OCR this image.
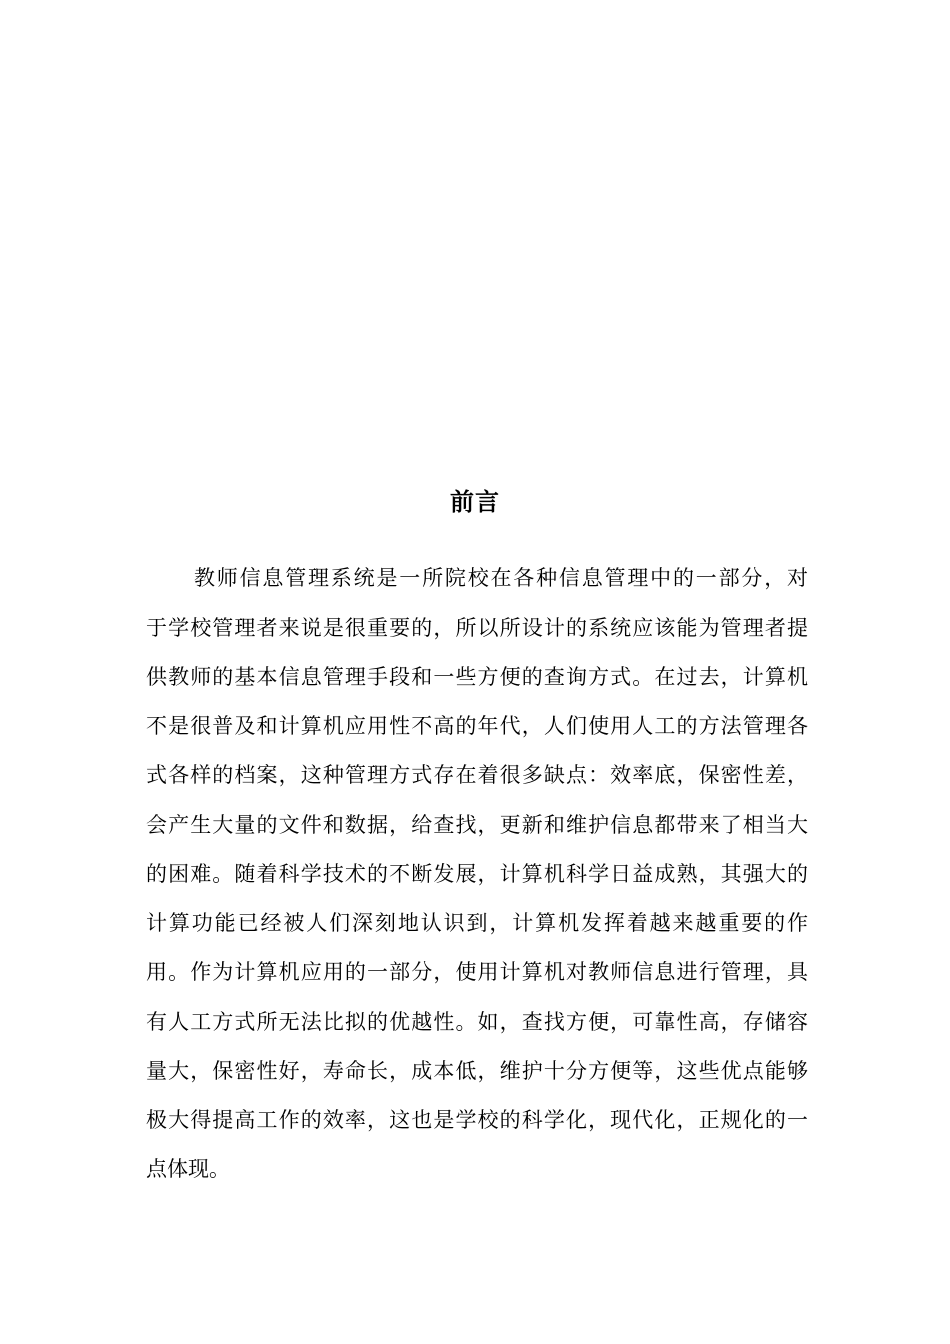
前言
教师信息管理系统是一所院校在各种信息管理中的一部分，对
于学校管理者来说是很重要的，所以所设计的系统应该能为管理者提
供教师的基本信息管理手段和一些方便的查询方式。在过去，计算机
不是很普及和计算机应用性不高的年代，人们使用人工的方法管理各
式各样的档案，这种管理方式存在着很多缺点：效率底，保密性差，
会产生大量的文件和数据，给查找，更新和维护信息都带来了相当大
的困难。随着科学技术的不断发展，计算机科学日益成熟，其强大的
计算功能已经被人们深刻地认识到，计算机发挥着越来越重要的作
用。作为计算机应用的一部分，使用计算机对教师信息进行管理，具
有人工方式所无法比拟的优越性。如，查找方便，可靠性高，存储容
量大，保密性好，寿命长，成本低，维护十分方便等，这些优点能够
极大得提高工作的效率，这也是学校的科学化，现代化，正规化的一
点体现。
